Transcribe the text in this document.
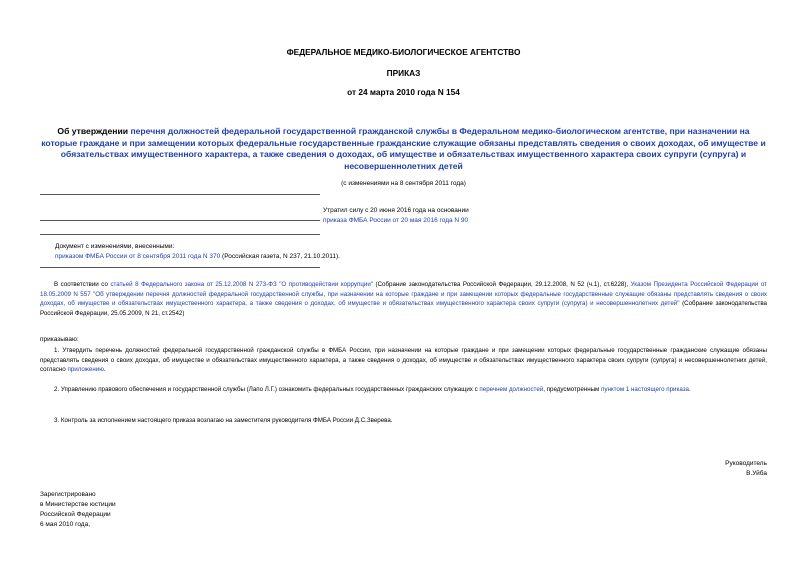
ФЕДЕРАЛЬНОЕ МЕДИКО-БИОЛОГИЧЕСКОЕ АГЕНТСТВО
ПРИКАЗ
от 24 марта 2010 года N 154
Об утверждении перечня должностей федеральной государственной гражданской службы в Федеральном медико-биологическом агентстве, при назначении на которые граждане и при замещении которых федеральные государственные гражданские служащие обязаны представлять сведения о своих доходах, об имуществе и обязательствах имущественного характера, а также сведения о доходах, об имуществе и обязательствах имущественного характера своих супруги (супруга) и несовершеннолетних детей
(с изменениями на 8 сентября 2011 года)
Утратил силу с 20 июня 2016 года на основании
приказа ФМБА России от 20 мая 2016 года N 90
Документ с изменениями, внесенными:
приказом ФМБА России от 8 сентября 2011 года N 370 (Российская газета, N 237, 21.10.2011).
В соответствии со статьей 8 Федерального закона от 25.12.2008 N 273-ФЗ "О противодействии коррупции" (Собрание законодательства Российской Федерации, 29.12.2008, N 52 (ч.1), ст.6228), Указом Президента Российской Федерации от 18.05.2009 N 557 "Об утверждении перечня должностей федеральной государственной службы, при назначении на которые граждане и при замещении которых федеральные государственные служащие обязаны представлять сведения о своих доходах, об имуществе и обязательствах имущественного характера, а также сведения о доходах, об имуществе и обязательствах имущественного характера своих супруги (супруга) и несовершеннолетних детей" (Собрание законодательства Российской Федерации, 25.05.2009, N 21, ст.2542)
приказываю:
1. Утвердить перечень должностей федеральной государственной гражданской службы в ФМБА России, при назначении на которые граждане и при замещении которых федеральные государственные гражданские служащие обязаны представлять сведения о своих доходах, об имуществе и обязательствах имущественного характера, а также сведения о доходах, об имуществе и обязательствах имущественного характера своих супруги (супруга) и несовершеннолетних детей, согласно приложению.
2. Управлению правового обеспечения и государственной службы (Лапо Л.Г.) ознакомить федеральных государственных гражданских служащих с перечнем должностей, предусмотренным пунктом 1 настоящего приказа.
3. Контроль за исполнением настоящего приказа возлагаю на заместителя руководителя ФМБА России Д.С.Зверева.
Руководитель
В.Уйба
Зарегистрировано
в Министерстве юстиции
Российской Федерации
6 мая 2010 года,
